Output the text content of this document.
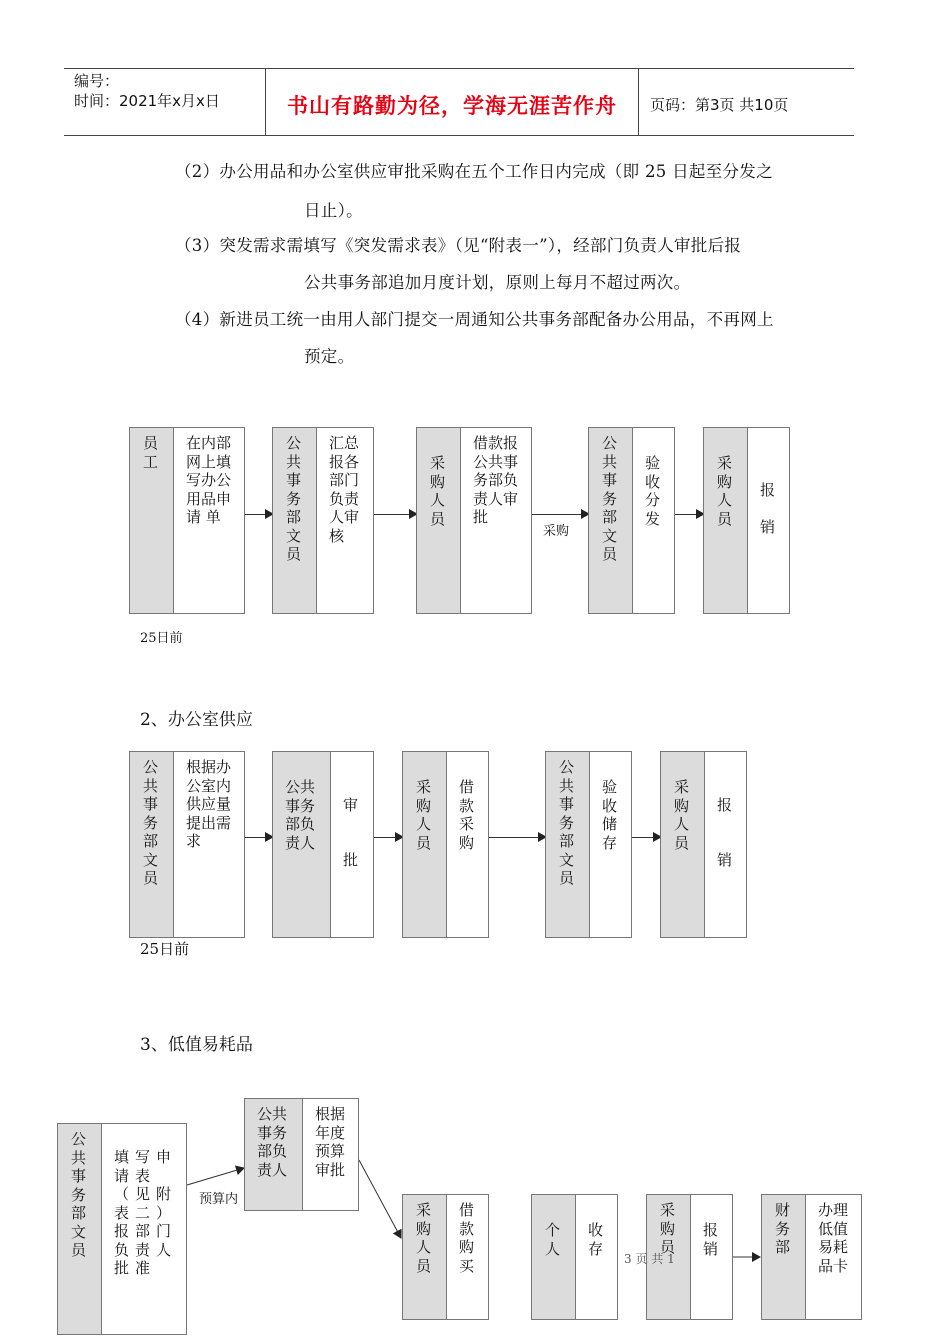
编号：
时间：2021年x月x日	书山有路勤为径，学海无涯苦作舟	页码：第3页 共10页
（2）办公用品和办公室供应审批采购在五个工作日内完成（即 25 日起至分发之
日止）。
（3）突发需求需填写《突发需求表》（见“附表一”），经部门负责人审批后报
公共事务部追加月度计划，原则上每月不超过两次。
（4）新进员工统一由用人部门提交一周通知公共事务部配备办公用品，不再网上
预定。
员工
在内部网上填写办公用品申请 单
公共事务部文员
汇总报各部门负责人审核
采购人员
借款报公共事务部负责人审批
采购
公共事务部文员
验收分发
采购人员
报销
25日前
2、办公室供应
公共事务部文员
根据办公室内供应量提出需求
公共事务部负责人
审批
采购人员
借款采购
公共事务部文员
验收储存
采购人员
报销
25日前
3、低值易耗品
公共事务部文员
填写申请表（见附表二）报部门负责人批准
预算内
公共事务部负责人
根据年度预算审批
采购人员
借款购买
个人
收存
采购员
报销
财务部
办理低值易耗品卡
3 页 共 1
